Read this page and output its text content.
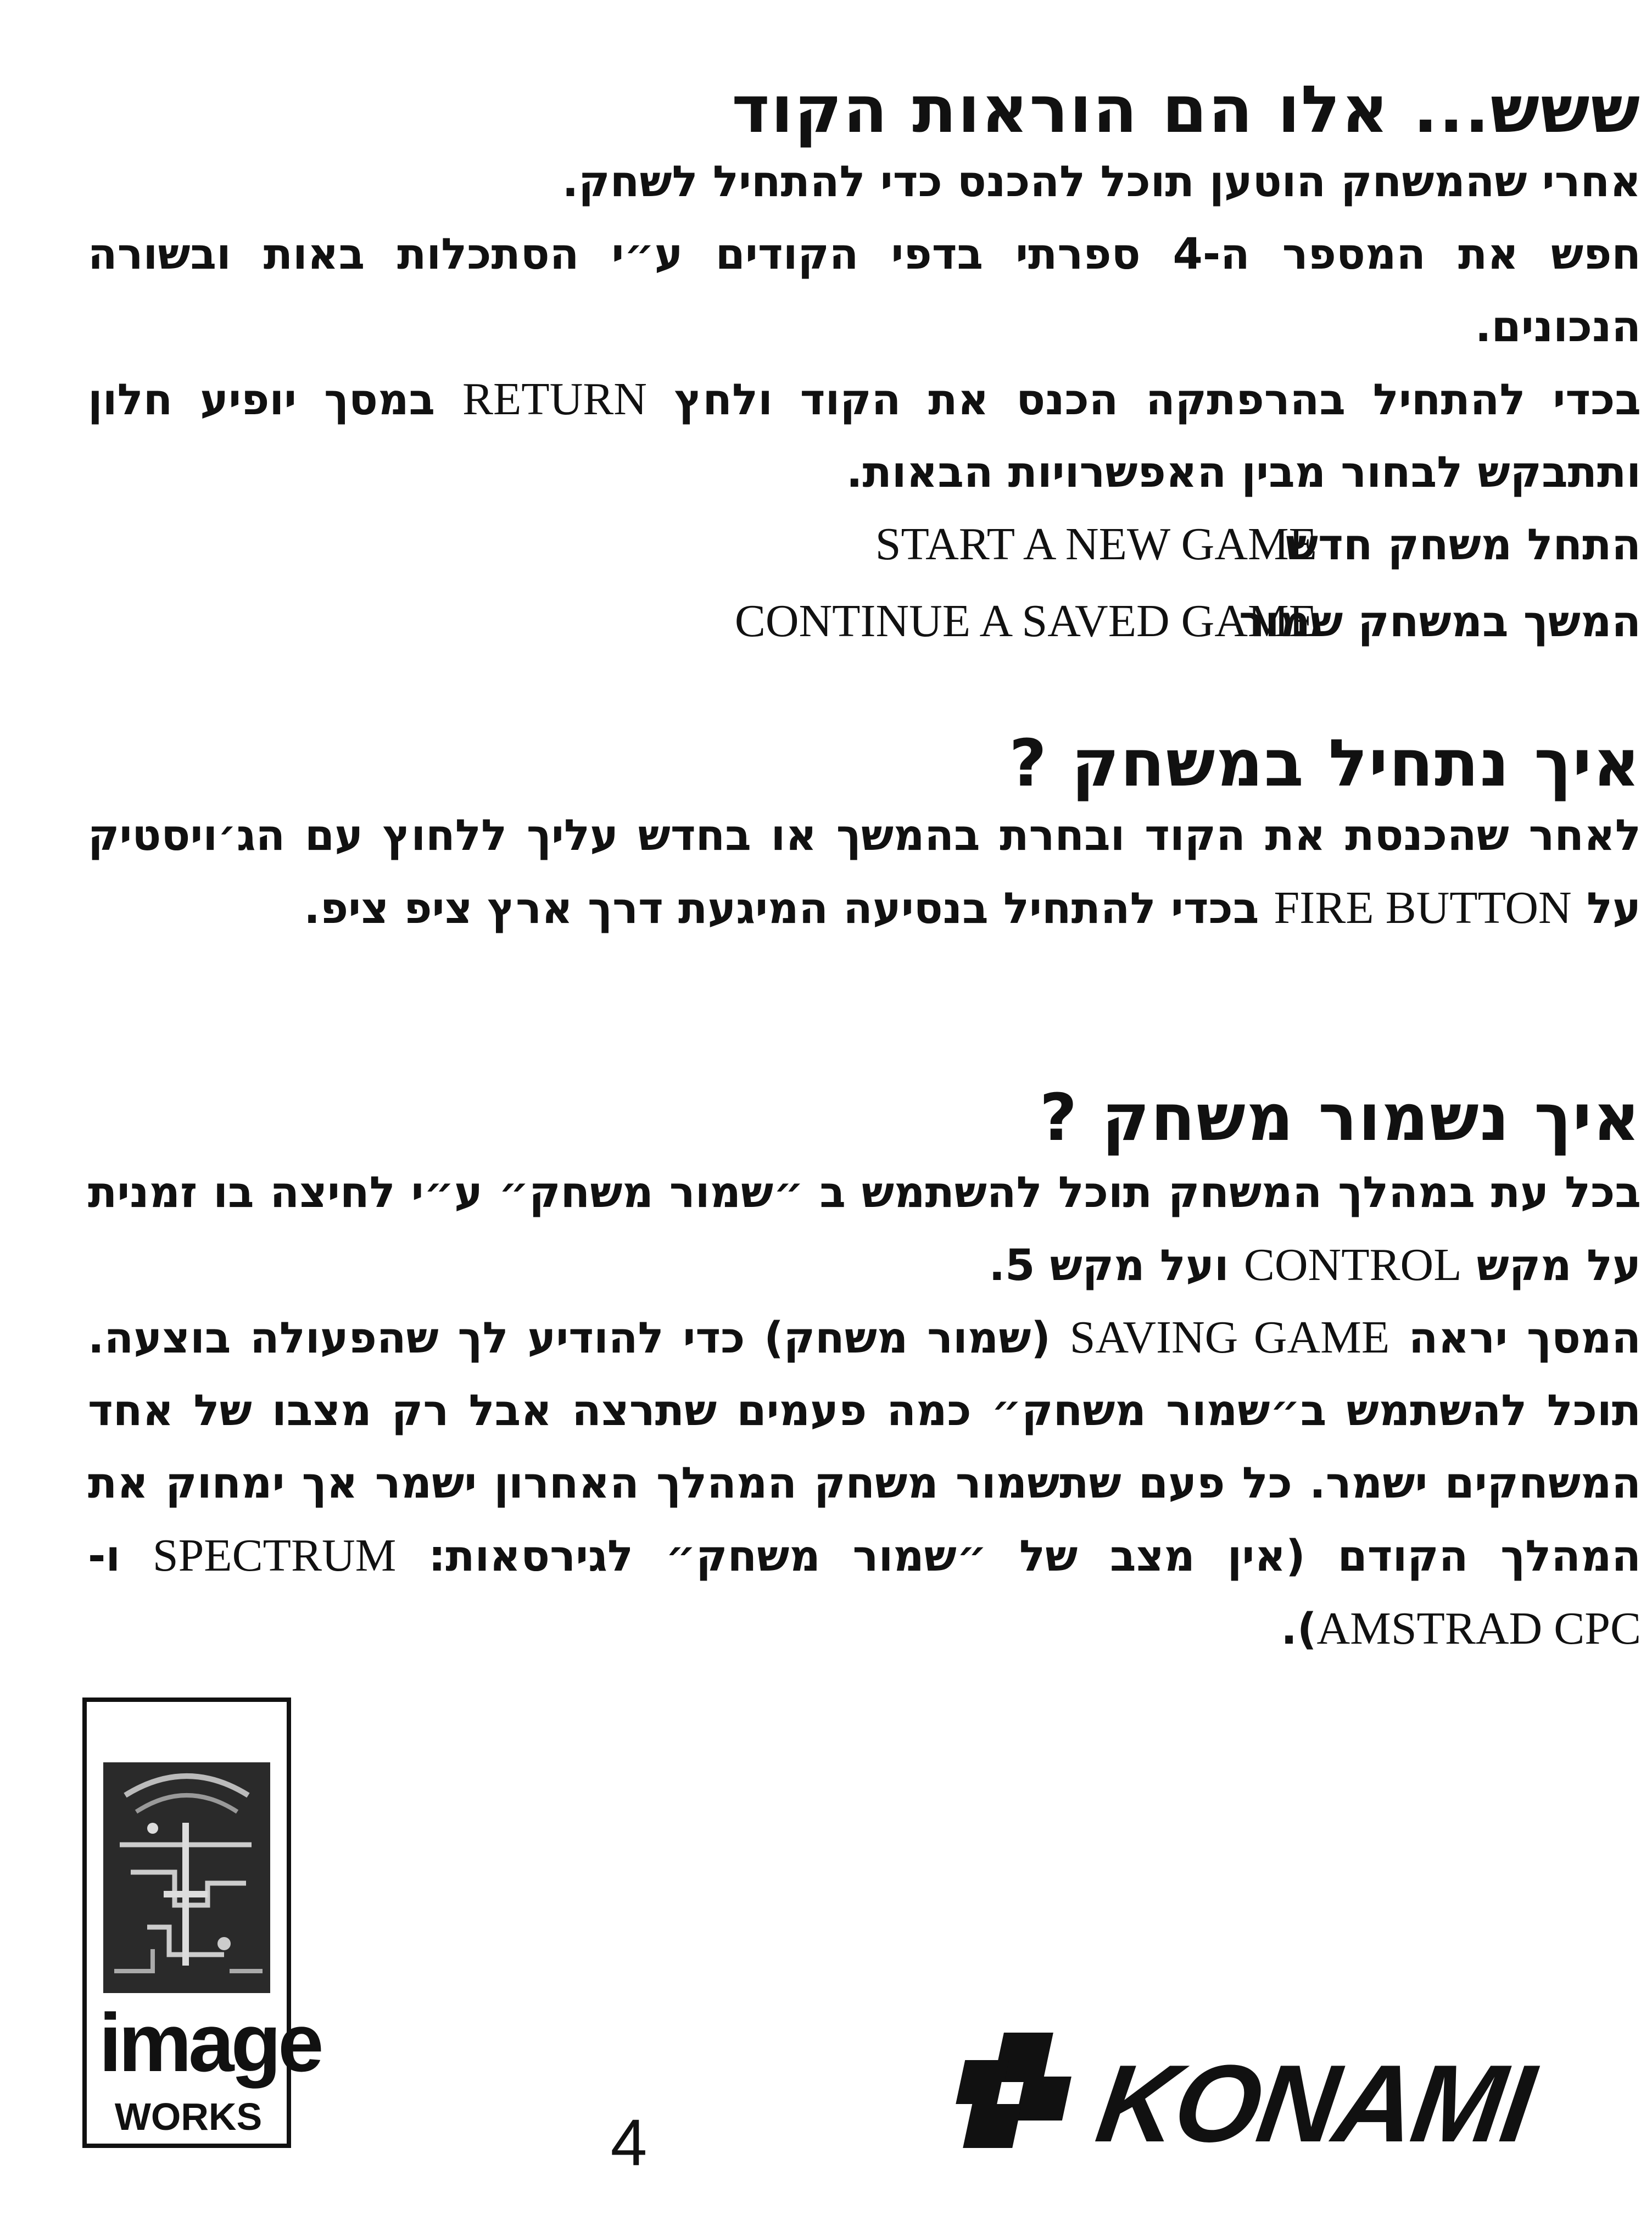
ששש... אלו הם הוראות הקוד
אחרי שהמשחק הוטען תוכל להכנס כדי להתחיל לשחק.
חפש את המספר ה-4 ספרתי בדפי הקודים ע״י הסתכלות באות ובשורה הנכונים.
בכדי להתחיל בהרפתקה הכנס את הקוד ולחץ RETURN במסך יופיע חלון ותתבקש לבחור מבין האפשרויות הבאות.
התחל משחק חדשSTART A NEW GAME
המשך במשחק שמורCONTINUE A SAVED GAME
איך נתחיל במשחק ?
לאחר שהכנסת את הקוד ובחרת בהמשך או בחדש עליך ללחוץ עם הג׳ויסטיק על FIRE BUTTON בכדי להתחיל בנסיעה המיגעת דרך ארץ ציפ ציפ.
איך נשמור משחק ?
בכל עת במהלך המשחק תוכל להשתמש ב ״שמור משחק״ ע״י לחיצה בו זמנית על מקש CONTROL ועל מקש 5.
המסך יראה SAVING GAME (שמור משחק) כדי להודיע לך שהפעולה בוצעה. תוכל להשתמש ב״שמור משחק״ כמה פעמים שתרצה אבל רק מצבו של אחד המשחקים ישמר. כל פעם שתשמור משחק המהלך האחרון ישמר אך ימחוק את המהלך הקודם (אין מצב של ״שמור משחק״ לגירסאות: SPECTRUM ו- AMSTRAD CPC).
image
WORKS	4	KONAMI
